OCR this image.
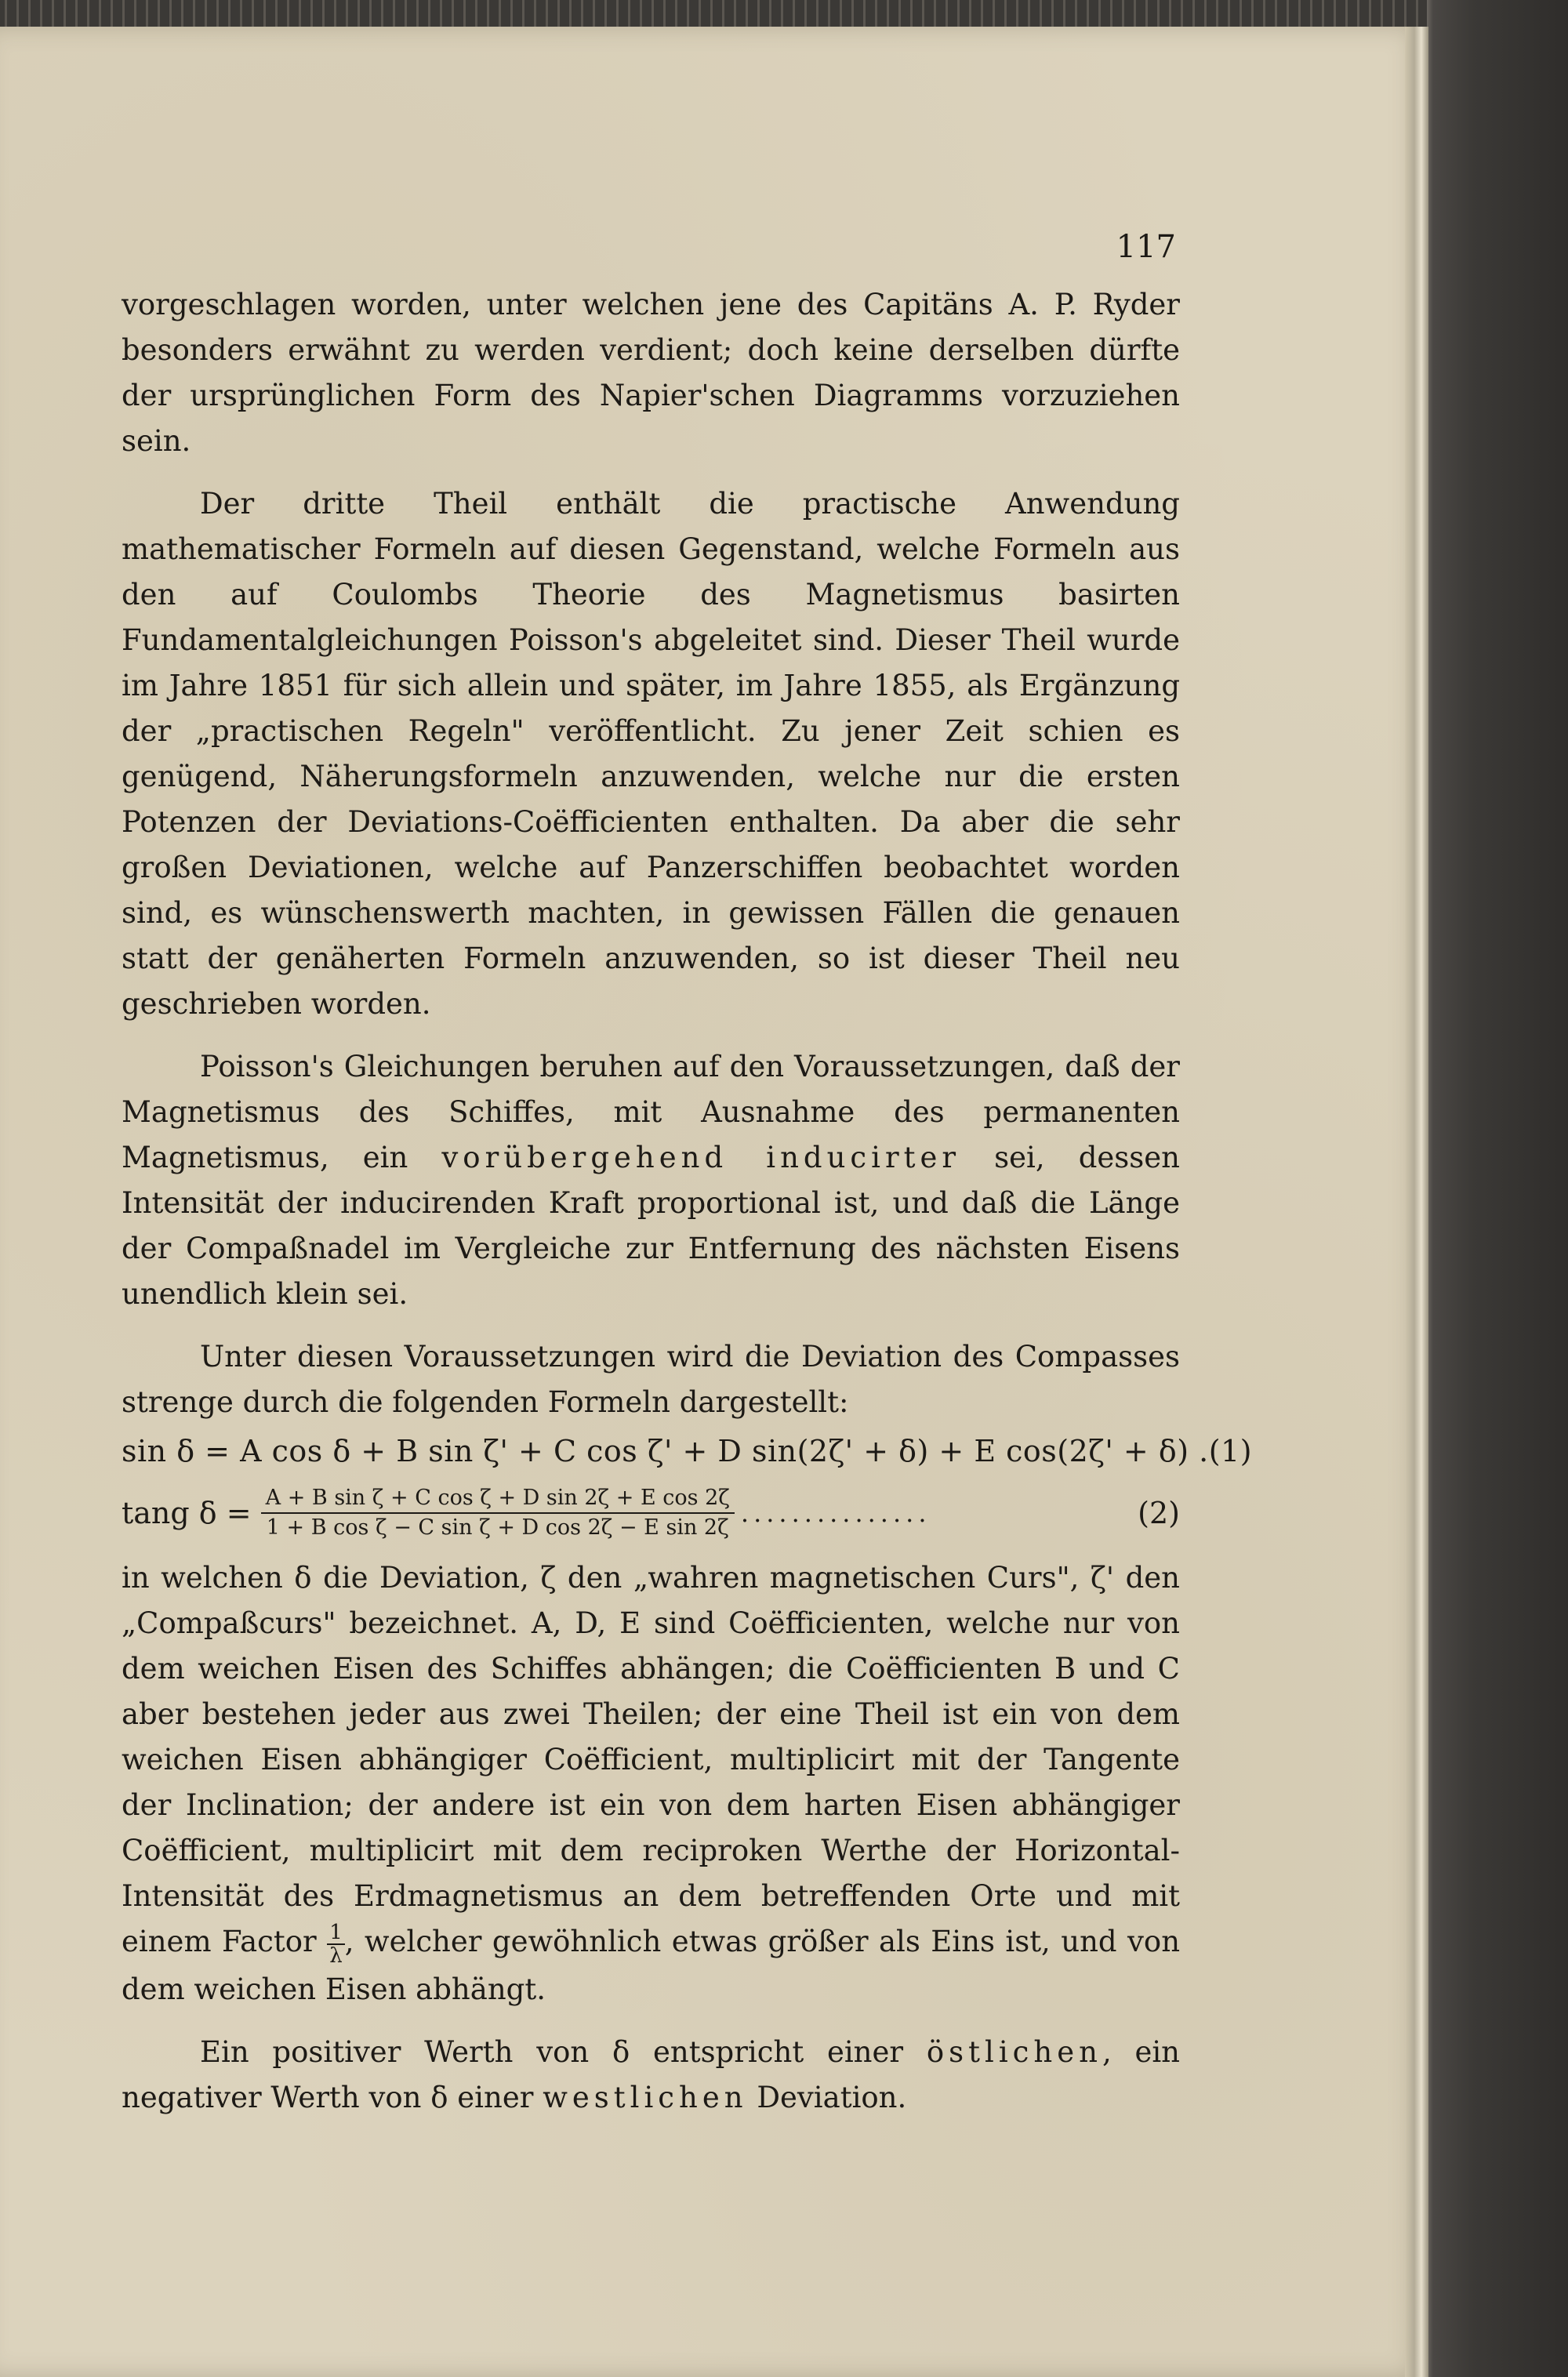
117

vorgeschlagen worden, unter welchen jene des Capitäns A. P. Ryder besonders erwähnt zu werden verdient; doch keine derselben dürfte der ursprünglichen Form des Napier'schen Diagramms vorzuziehen sein.

Der dritte Theil enthält die practische Anwendung mathematischer Formeln auf diesen Gegenstand, welche Formeln aus den auf Coulombs Theorie des Magnetismus basirten Fundamentalgleichungen Poisson's abgeleitet sind. Dieser Theil wurde im Jahre 1851 für sich allein und später, im Jahre 1855, als Ergänzung der „practischen Regeln" veröffentlicht. Zu jener Zeit schien es genügend, Näherungsformeln anzuwenden, welche nur die ersten Potenzen der Deviations-Coëfficienten enthalten. Da aber die sehr großen Deviationen, welche auf Panzerschiffen beobachtet worden sind, es wünschenswerth machten, in gewissen Fällen die genauen statt der genäherten Formeln anzuwenden, so ist dieser Theil neu geschrieben worden.

Poisson's Gleichungen beruhen auf den Voraussetzungen, daß der Magnetismus des Schiffes, mit Ausnahme des permanenten Magnetismus, ein vorübergehend inducirter sei, dessen Intensität der inducirenden Kraft proportional ist, und daß die Länge der Compaßnadel im Vergleiche zur Entfernung des nächsten Eisens unendlich klein sei.

Unter diesen Voraussetzungen wird die Deviation des Compasses strenge durch die folgenden Formeln dargestellt:

sin δ = A cos δ + B sin ζ' + C cos ζ' + D sin(2ζ' + δ) + E cos(2ζ' + δ) .(1)
tang $\delta = \frac{\text{A + B sin ζ + C cos ζ + D sin 2ζ + E cos 2ζ}}{\text{1 + B cos ζ − C sin ζ + D cos 2ζ − E sin 2ζ}}$ ...............	(2)

in welchen δ die Deviation, ζ den „wahren magnetischen Curs", ζ' den „Compaßcurs" bezeichnet. A, D, E sind Coëfficienten, welche nur von dem weichen Eisen des Schiffes abhängen; die Coëfficienten B und C aber bestehen jeder aus zwei Theilen; der eine Theil ist ein von dem weichen Eisen abhängiger Coëfficient, multiplicirt mit der Tangente der Inclination; der andere ist ein von dem harten Eisen abhängiger Coëfficient, multiplicirt mit dem reciproken Werthe der Horizontal-Intensität des Erdmagnetismus an dem betreffenden Orte und mit einem Factor $\frac{1}{\lambda}$ , welcher gewöhnlich etwas größer als Eins ist, und von dem weichen Eisen abhängt.

Ein positiver Werth von δ entspricht einer östlichen, ein negativer Werth von δ einer westlichen Deviation.
